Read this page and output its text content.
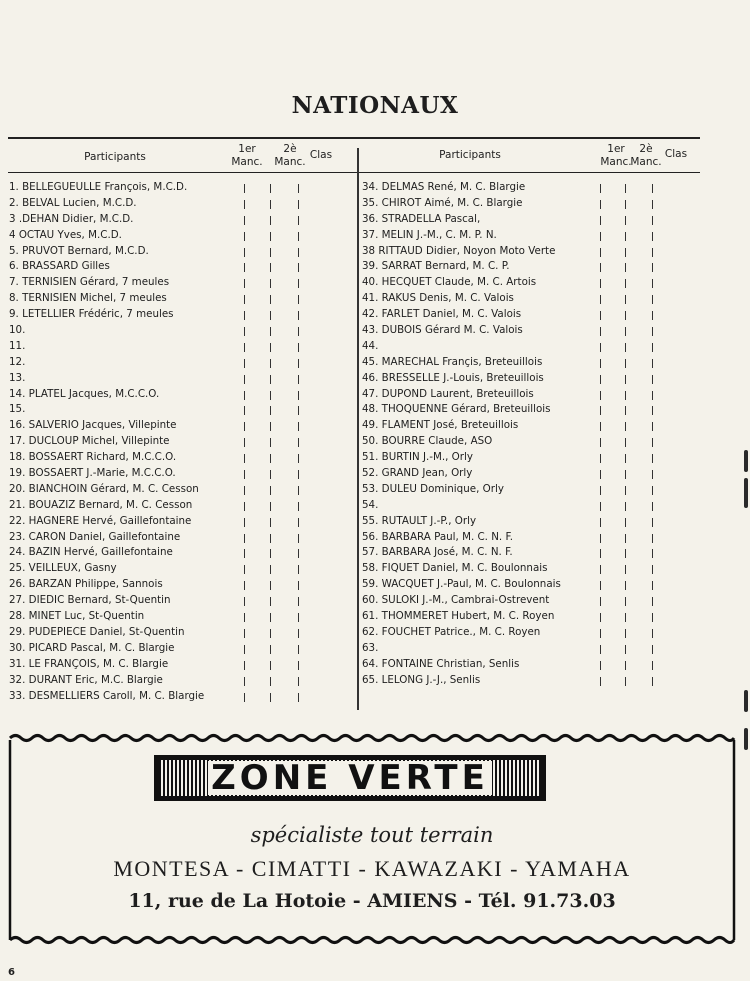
NATIONAUX
Participants
1er Manc.
2è Manc.
Clas	Participants	1er Manc.
2è Manc.
Clas
1. BELLEGUEULLE François, M.C.D.
2. BELVAL Lucien, M.C.D.
3 .DEHAN Didier, M.C.D.
4 OCTAU Yves, M.C.D.
5. PRUVOT Bernard, M.C.D.
6. BRASSARD Gilles
7. TERNISIEN Gérard, 7 meules
8. TERNISIEN Michel, 7 meules
9. LETELLIER Frédéric, 7 meules
10.
11.
12.
13.
14. PLATEL Jacques, M.C.C.O.
15.
16. SALVERIO Jacques, Villepinte
17. DUCLOUP Michel, Villepinte
18. BOSSAERT Richard, M.C.C.O.
19. BOSSAERT J.-Marie, M.C.C.O.
20. BIANCHOIN Gérard, M. C. Cesson
21. BOUAZIZ Bernard, M. C. Cesson
22. HAGNERE Hervé, Gaillefontaine
23. CARON Daniel, Gaillefontaine
24. BAZIN Hervé, Gaillefontaine
25. VEILLEUX, Gasny
26. BARZAN Philippe, Sannois
27. DIEDIC Bernard, St-Quentin
28. MINET Luc, St-Quentin
29. PUDEPIECE Daniel, St-Quentin
30. PICARD Pascal, M. C. Blargie
31. LE FRANÇOIS, M. C. Blargie
32. DURANT Eric, M.C. Blargie
33. DESMELLIERS Caroll, M. C. Blargie
34. DELMAS René, M. C. Blargie
35. CHIROT Aimé, M. C. Blargie
36. STRADELLA Pascal,
37. MELIN J.-M., C. M. P. N.
38 RITTAUD Didier, Noyon Moto Verte
39. SARRAT Bernard, M. C. P.
40. HECQUET Claude, M. C. Artois
41. RAKUS Denis, M. C. Valois
42. FARLET Daniel, M. C. Valois
43. DUBOIS Gérard M. C. Valois
44.
45. MARECHAL Françis, Breteuillois
46. BRESSELLE J.-Louis, Breteuillois
47. DUPOND Laurent, Breteuillois
48. THOQUENNE Gérard, Breteuillois
49. FLAMENT José, Breteuillois
50. BOURRE Claude, ASO
51. BURTIN J.-M., Orly
52. GRAND Jean, Orly
53. DULEU Dominique, Orly
54.
55. RUTAULT J.-P., Orly
56. BARBARA Paul, M. C. N. F.
57. BARBARA José, M. C. N. F.
58. FIQUET Daniel, M. C. Boulonnais
59. WACQUET J.-Paul, M. C. Boulonnais
60. SULOKI J.-M., Cambrai-Ostrevent
61. THOMMERET Hubert, M. C. Royen
62. FOUCHET Patrice., M. C. Royen
63.
64. FONTAINE Christian, Senlis
65. LELONG J.-J., Senlis
ZONE VERTE
spécialiste tout terrain
MONTESA - CIMATTI - KAWAZAKI - YAMAHA
11, rue de La Hotoie - AMIENS - Tél. 91.73.03
6
